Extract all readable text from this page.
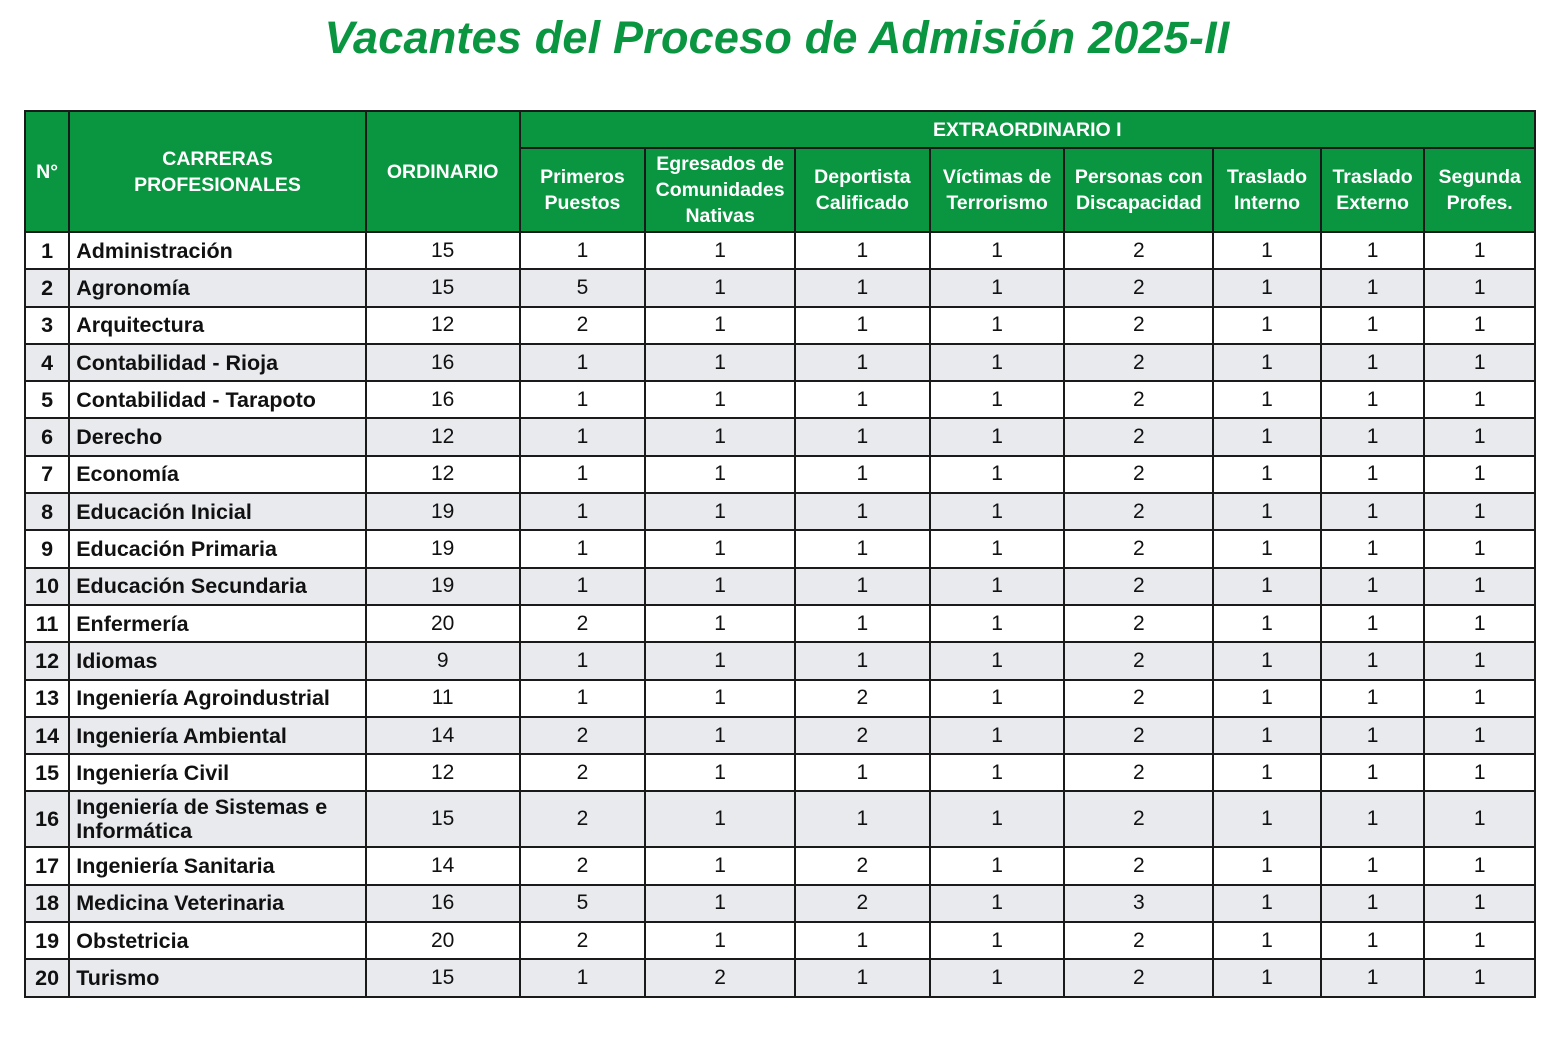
Vacantes del Proceso de Admisión 2025-II
N°	CARRERAS PROFESIONALES	ORDINARIO	EXTRAORDINARIO I							
			Primeros Puestos	Egresados de Comunidades Nativas	Deportista Calificado	Víctimas de Terrorismo	Personas con Discapacidad	Traslado Interno	Traslado Externo	Segunda Profes.
1	Administración	15	1	1	1	1	2	1	1	1
2	Agronomía	15	5	1	1	1	2	1	1	1
3	Arquitectura	12	2	1	1	1	2	1	1	1
4	Contabilidad - Rioja	16	1	1	1	1	2	1	1	1
5	Contabilidad - Tarapoto	16	1	1	1	1	2	1	1	1
6	Derecho	12	1	1	1	1	2	1	1	1
7	Economía	12	1	1	1	1	2	1	1	1
8	Educación Inicial	19	1	1	1	1	2	1	1	1
9	Educación Primaria	19	1	1	1	1	2	1	1	1
10	Educación Secundaria	19	1	1	1	1	2	1	1	1
11	Enfermería	20	2	1	1	1	2	1	1	1
12	Idiomas	9	1	1	1	1	2	1	1	1
13	Ingeniería Agroindustrial	11	1	1	2	1	2	1	1	1
14	Ingeniería Ambiental	14	2	1	2	1	2	1	1	1
15	Ingeniería Civil	12	2	1	1	1	2	1	1	1
16	Ingeniería de Sistemas e Informática	15	2	1	1	1	2	1	1	1
17	Ingeniería Sanitaria	14	2	1	2	1	2	1	1	1
18	Medicina Veterinaria	16	5	1	2	1	3	1	1	1
19	Obstetricia	20	2	1	1	1	2	1	1	1
20	Turismo	15	1	2	1	1	2	1	1	1
